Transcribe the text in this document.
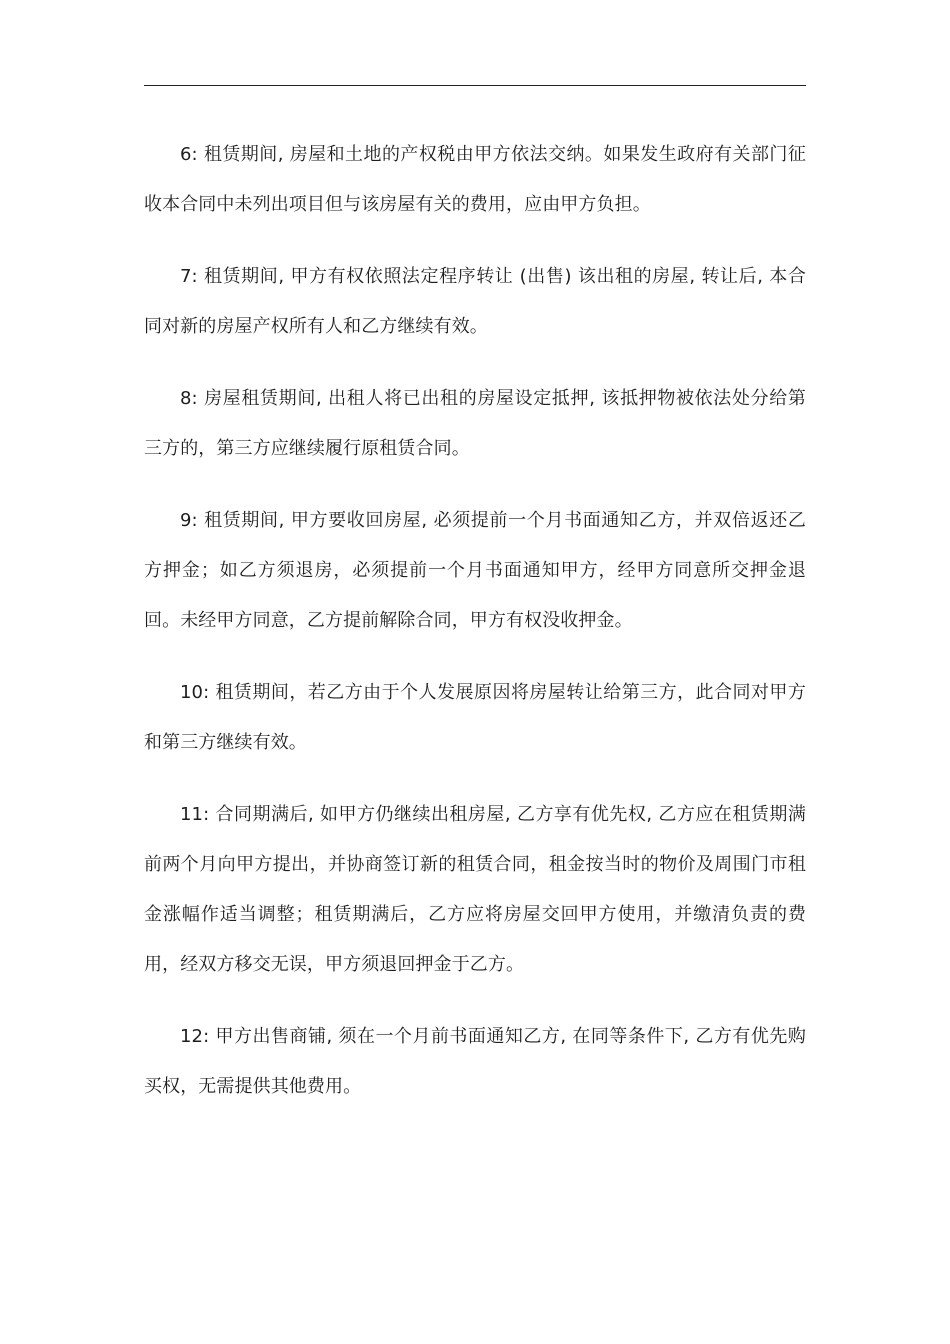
6: 租赁期间, 房屋和土地的产权税由甲方依法交纳。如果发生政府有关部门征收本合同中未列出项目但与该房屋有关的费用，应由甲方负担。

7: 租赁期间, 甲方有权依照法定程序转让 (出售) 该出租的房屋, 转让后, 本合同对新的房屋产权所有人和乙方继续有效。

8: 房屋租赁期间, 出租人将已出租的房屋设定抵押, 该抵押物被依法处分给第三方的，第三方应继续履行原租赁合同。

9: 租赁期间, 甲方要收回房屋, 必须提前一个月书面通知乙方，并双倍返还乙方押金；如乙方须退房，必须提前一个月书面通知甲方，经甲方同意所交押金退回。未经甲方同意，乙方提前解除合同，甲方有权没收押金。

10: 租赁期间，若乙方由于个人发展原因将房屋转让给第三方，此合同对甲方和第三方继续有效。

11: 合同期满后, 如甲方仍继续出租房屋, 乙方享有优先权, 乙方应在租赁期满前两个月向甲方提出，并协商签订新的租赁合同，租金按当时的物价及周围门市租金涨幅作适当调整；租赁期满后，乙方应将房屋交回甲方使用，并缴清负责的费用，经双方移交无误，甲方须退回押金于乙方。

12: 甲方出售商铺, 须在一个月前书面通知乙方, 在同等条件下, 乙方有优先购买权，无需提供其他费用。
